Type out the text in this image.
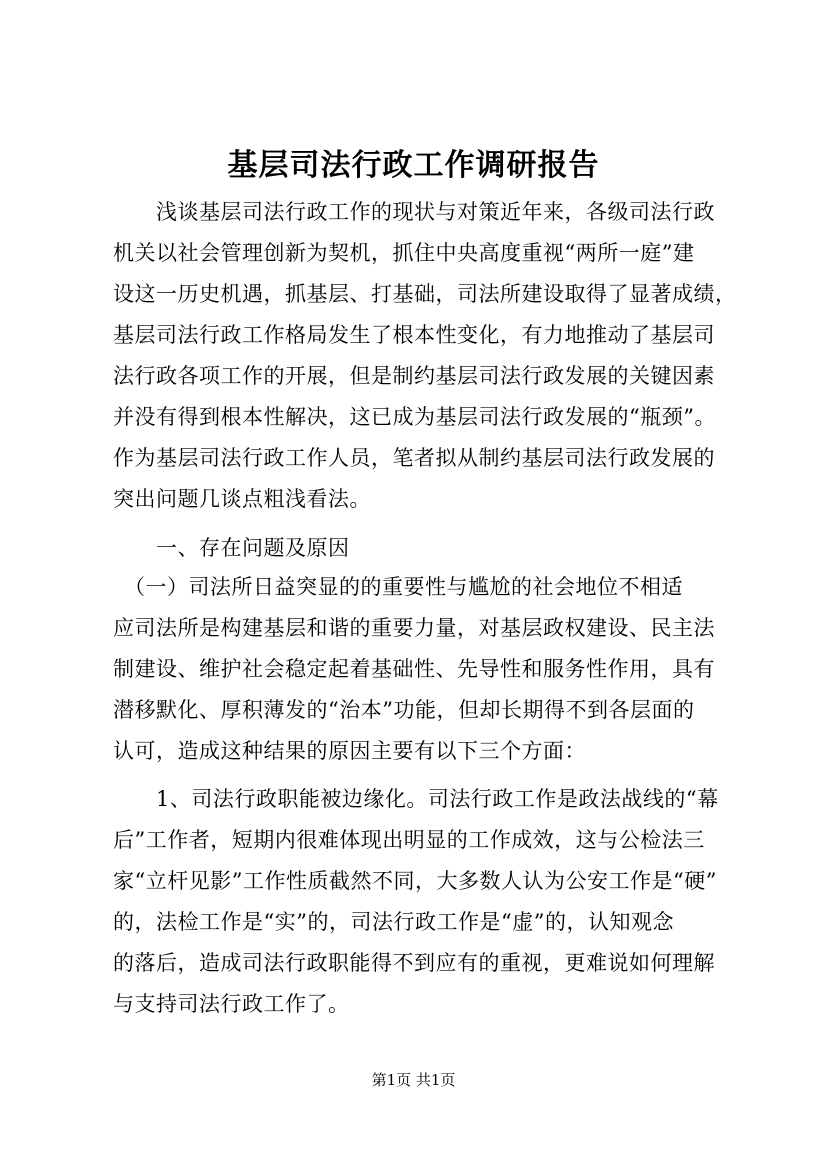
基层司法行政工作调研报告
　　浅谈基层司法行政工作的现状与对策近年来，各级司法行政
机关以社会管理创新为契机，抓住中央高度重视“两所一庭”建
设这一历史机遇，抓基层、打基础，司法所建设取得了显著成绩，
基层司法行政工作格局发生了根本性变化，有力地推动了基层司
法行政各项工作的开展，但是制约基层司法行政发展的关键因素
并没有得到根本性解决，这已成为基层司法行政发展的“瓶颈”。
作为基层司法行政工作人员，笔者拟从制约基层司法行政发展的
突出问题几谈点粗浅看法。
　　一、存在问题及原因
　（一）司法所日益突显的的重要性与尴尬的社会地位不相适
应司法所是构建基层和谐的重要力量，对基层政权建设、民主法
制建设、维护社会稳定起着基础性、先导性和服务性作用，具有
潜移默化、厚积薄发的“治本”功能，但却长期得不到各层面的
认可，造成这种结果的原因主要有以下三个方面：
　　1、司法行政职能被边缘化。司法行政工作是政法战线的“幕
后”工作者，短期内很难体现出明显的工作成效，这与公检法三
家“立杆见影”工作性质截然不同，大多数人认为公安工作是“硬”
的，法检工作是“实”的，司法行政工作是“虚”的，认知观念
的落后，造成司法行政职能得不到应有的重视，更难说如何理解
与支持司法行政工作了。
第1页 共1页
